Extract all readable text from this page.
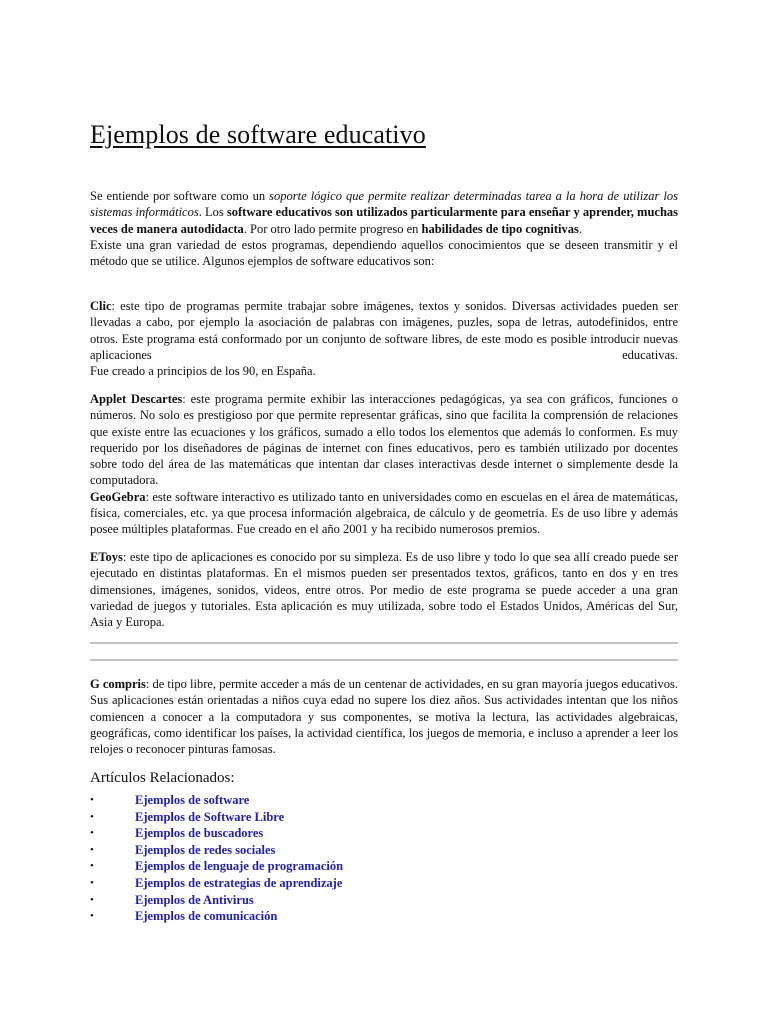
Ejemplos de software educativo

Se entiende por software como un soporte lógico que permite realizar determinadas tarea a la hora de utilizar los sistemas informáticos. Los software educativos son utilizados particularmente para enseñar y aprender, muchas veces de manera autodidacta. Por otro lado permite progreso en habilidades de tipo cognitivas.

Existe una gran variedad de estos programas, dependiendo aquellos conocimientos que se deseen transmitir y el método que se utilice. Algunos ejemplos de software educativos son:

Clic: este tipo de programas permite trabajar sobre imágenes, textos y sonidos. Diversas actividades pueden ser llevadas a cabo, por ejemplo la asociación de palabras con imágenes, puzles, sopa de letras, autodefinidos, entre otros. Este programa está conformado por un conjunto de software libres, de este modo es posible introducir nuevas aplicaciones educativas.

Fue creado a principios de los 90, en España.

Applet Descartes: este programa permite exhibir las interacciones pedagógicas, ya sea con gráficos, funciones o números. No solo es prestigioso por que permite representar gráficas, sino que facilita la comprensión de relaciones que existe entre las ecuaciones y los gráficos, sumado a ello todos los elementos que además lo conformen. Es muy requerido por los diseñadores de páginas de internet con fines educativos, pero es también utilizado por docentes sobre todo del área de las matemáticas que intentan dar clases interactivas desde internet o simplemente desde la computadora.

GeoGebra: este software interactivo es utilizado tanto en universidades como en escuelas en el área de matemáticas, física, comerciales, etc. ya que procesa información algebraica, de cálculo y de geometría. Es de uso libre y además posee múltiples plataformas. Fue creado en el año 2001 y ha recibido numerosos premios.

EToys: este tipo de aplicaciones es conocido por su simpleza. Es de uso libre y todo lo que sea allí creado puede ser ejecutado en distintas plataformas. En el mismos pueden ser presentados textos, gráficos, tanto en dos y en tres dimensiones, imágenes, sonidos, videos, entre otros. Por medio de este programa se puede acceder a una gran variedad de juegos y tutoriales. Esta aplicación es muy utilizada, sobre todo el Estados Unidos, Américas del Sur, Asia y Europa.

G compris: de tipo libre, permite acceder a más de un centenar de actividades, en su gran mayoría juegos educativos. Sus aplicaciones están orientadas a niños cuya edad no supere los diez años. Sus actividades intentan que los niños comiencen a conocer a la computadora y sus componentes, se motiva la lectura, las actividades algebraicas, geográficas, como identificar los países, la actividad científica, los juegos de memoria, e incluso a aprender a leer los relojes o reconocer pinturas famosas.

Artículos Relacionados:
•	Ejemplos de software
•	Ejemplos de Software Libre
•	Ejemplos de buscadores
•	Ejemplos de redes sociales
•	Ejemplos de lenguaje de programación
•	Ejemplos de estrategias de aprendizaje
•	Ejemplos de Antivirus
•	Ejemplos de comunicación
